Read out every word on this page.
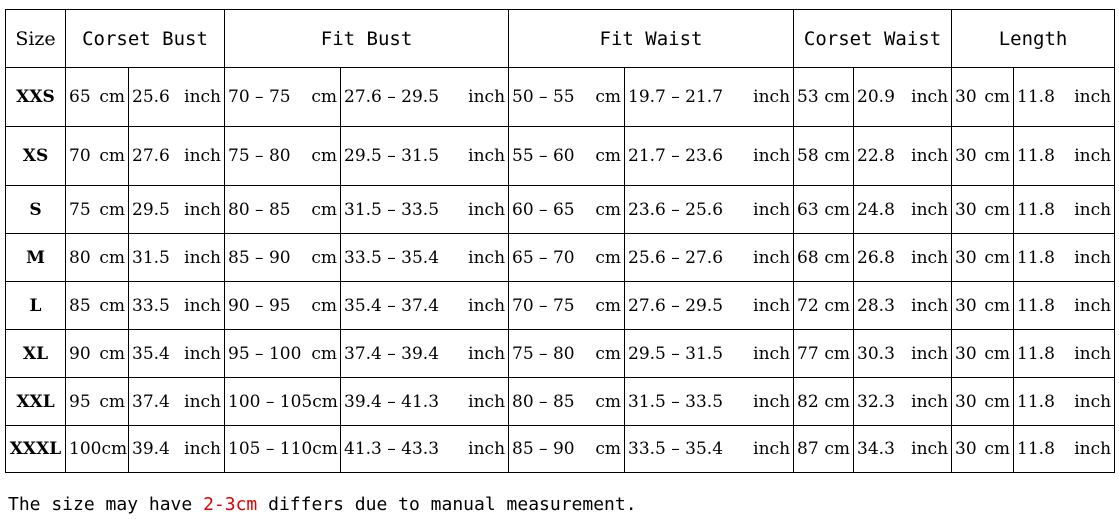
Size	Corset Bust		Fit Bust		Fit Waist		Corset Waist		Length	
XXS	65 cm	25.6 inch	70 – 75 cm	27.6 – 29.5 inch	50 – 55 cm	19.7 – 21.7 inch	53 cm	20.9 inch	30 cm	11.8 inch

XS	70 cm	27.6 inch	75 – 80 cm	29.5 – 31.5 inch	55 – 60 cm	21.7 – 23.6 inch	58 cm	22.8 inch	30 cm	11.8 inch

S	75 cm	29.5 inch	80 – 85 cm	31.5 – 33.5 inch	60 – 65 cm	23.6 – 25.6 inch	63 cm	24.8 inch	30 cm	11.8 inch

M	80 cm	31.5 inch	85 – 90 cm	33.5 – 35.4 inch	65 – 70 cm	25.6 – 27.6 inch	68 cm	26.8 inch	30 cm	11.8 inch

L	85 cm	33.5 inch	90 – 95 cm	35.4 – 37.4 inch	70 – 75 cm	27.6 – 29.5 inch	72 cm	28.3 inch	30 cm	11.8 inch

XL	90 cm	35.4 inch	95 – 100 cm	37.4 – 39.4 inch	75 – 80 cm	29.5 – 31.5 inch	77 cm	30.3 inch	30 cm	11.8 inch

XXL	95 cm	37.4 inch	100 – 105 cm	39.4 – 41.3 inch	80 – 85 cm	31.5 – 33.5 inch	82 cm	32.3 inch	30 cm	11.8 inch

XXXL	100 cm	39.4 inch	105 – 110 cm	41.3 – 43.3 inch	85 – 90 cm	33.5 – 35.4 inch	87 cm	34.3 inch	30 cm	11.8 inch
The size may have 2-3cm differs due to manual measurement.
